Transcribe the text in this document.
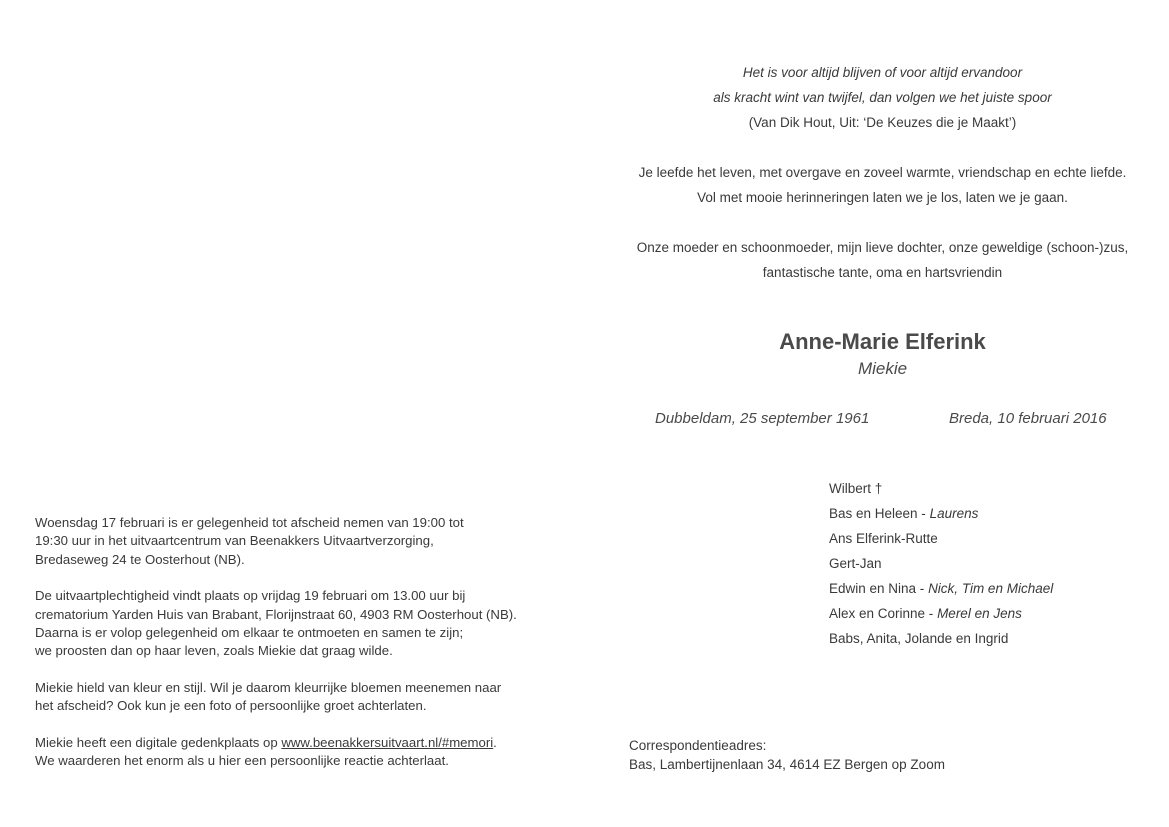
Woensdag 17 februari is er gelegenheid tot afscheid nemen van 19:00 tot
19:30 uur in het uitvaartcentrum van Beenakkers Uitvaartverzorging,
Bredaseweg 24 te Oosterhout (NB).

De uitvaartplechtigheid vindt plaats op vrijdag 19 februari om 13.00 uur bij
crematorium Yarden Huis van Brabant, Florijnstraat 60, 4903 RM Oosterhout (NB).
Daarna is er volop gelegenheid om elkaar te ontmoeten en samen te zijn;
we proosten dan op haar leven, zoals Miekie dat graag wilde.

Miekie hield van kleur en stijl. Wil je daarom kleurrijke bloemen meenemen naar
het afscheid? Ook kun je een foto of persoonlijke groet achterlaten.

Miekie heeft een digitale gedenkplaats op www.beenakkersuitvaart.nl/#memori.
We waarderen het enorm als u hier een persoonlijke reactie achterlaat.

Het is voor altijd blijven of voor altijd ervandoor
als kracht wint van twijfel, dan volgen we het juiste spoor
(Van Dik Hout, Uit: ‘De Keuzes die je Maakt’)
Je leefde het leven, met overgave en zoveel warmte, vriendschap en echte liefde.
Vol met mooie herinneringen laten we je los, laten we je gaan.
Onze moeder en schoonmoeder, mijn lieve dochter, onze geweldige (schoon-)zus,
fantastische tante, oma en hartsvriendin
Anne-Marie Elferink
Miekie
Dubbeldam, 25 september 1961	Breda, 10 februari 2016
Wilbert †
Bas en Heleen - Laurens
Ans Elferink-Rutte
Gert-Jan
Edwin en Nina - Nick, Tim en Michael
Alex en Corinne - Merel en Jens
Babs, Anita, Jolande en Ingrid
Correspondentieadres:
Bas, Lambertijnenlaan 34, 4614 EZ Bergen op Zoom
